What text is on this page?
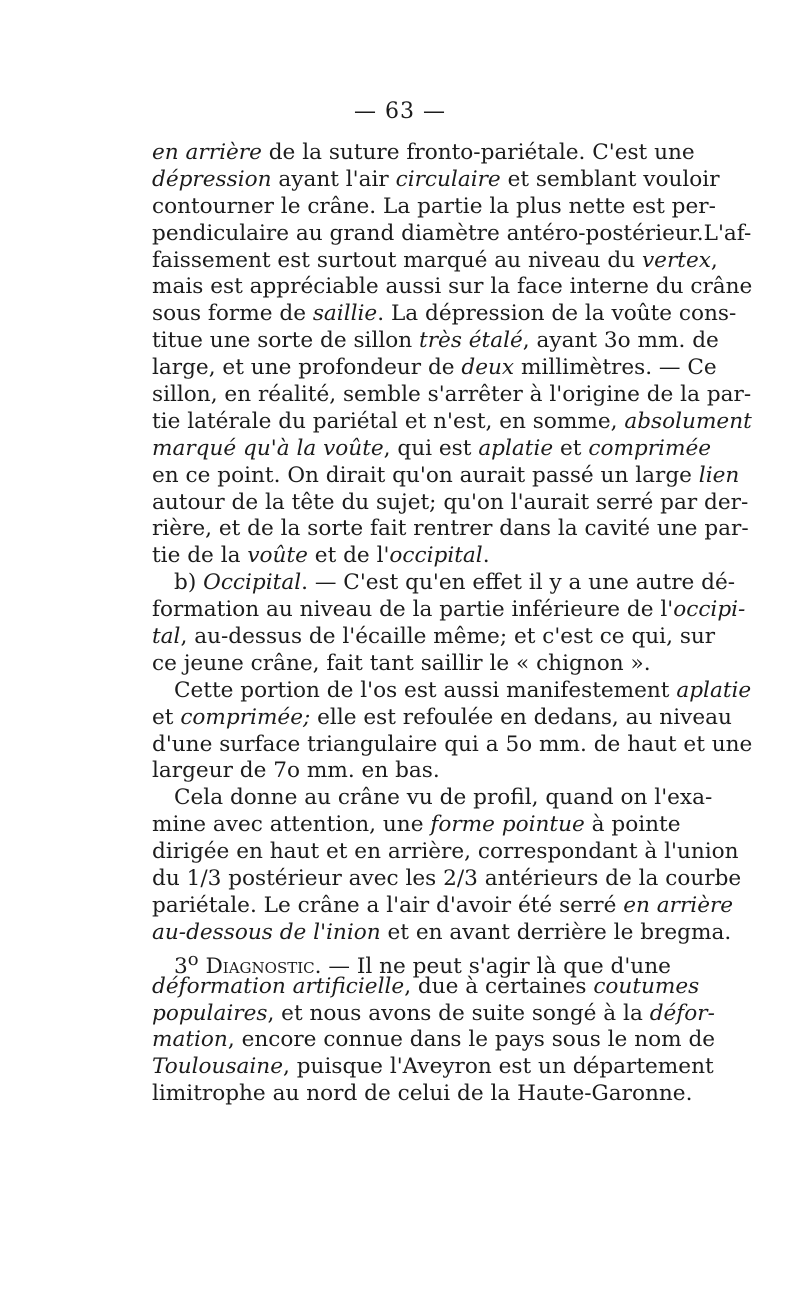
— 63 —
en arrière de la suture fronto-pariétale. C'est une
dépression ayant l'air circulaire et semblant vouloir
contourner le crâne. La partie la plus nette est per-
pendiculaire au grand diamètre antéro-postérieur.L'af-
faissement est surtout marqué au niveau du vertex,
mais est appréciable aussi sur la face interne du crâne
sous forme de saillie. La dépression de la voûte cons-
titue une sorte de sillon très étalé, ayant 3o mm. de
large, et une profondeur de deux millimètres. — Ce
sillon, en réalité, semble s'arrêter à l'origine de la par-
tie latérale du pariétal et n'est, en somme, absolument
marqué qu'à la voûte, qui est aplatie et comprimée
en ce point. On dirait qu'on aurait passé un large lien
autour de la tête du sujet; qu'on l'aurait serré par der-
rière, et de la sorte fait rentrer dans la cavité une par-
tie de la voûte et de l'occipital.
b) Occipital. — C'est qu'en effet il y a une autre dé-
formation au niveau de la partie inférieure de l'occipi-
tal, au-dessus de l'écaille même; et c'est ce qui, sur
ce jeune crâne, fait tant saillir le « chignon ».
Cette portion de l'os est aussi manifestement aplatie
et comprimée; elle est refoulée en dedans, au niveau
d'une surface triangulaire qui a 5o mm. de haut et une
largeur de 7o mm. en bas.
Cela donne au crâne vu de profil, quand on l'exa-
mine avec attention, une forme pointue à pointe
dirigée en haut et en arrière, correspondant à l'union
du 1/3 postérieur avec les 2/3 antérieurs de la courbe
pariétale. Le crâne a l'air d'avoir été serré en arrière
au-dessous de l'inion et en avant derrière le bregma.
3$^o$ Diagnostic. — Il ne peut s'agir là que d'une
déformation artificielle, due à certaines coutumes
populaires, et nous avons de suite songé à la défor-
mation, encore connue dans le pays sous le nom de
Toulousaine, puisque l'Aveyron est un département
limitrophe au nord de celui de la Haute-Garonne.
